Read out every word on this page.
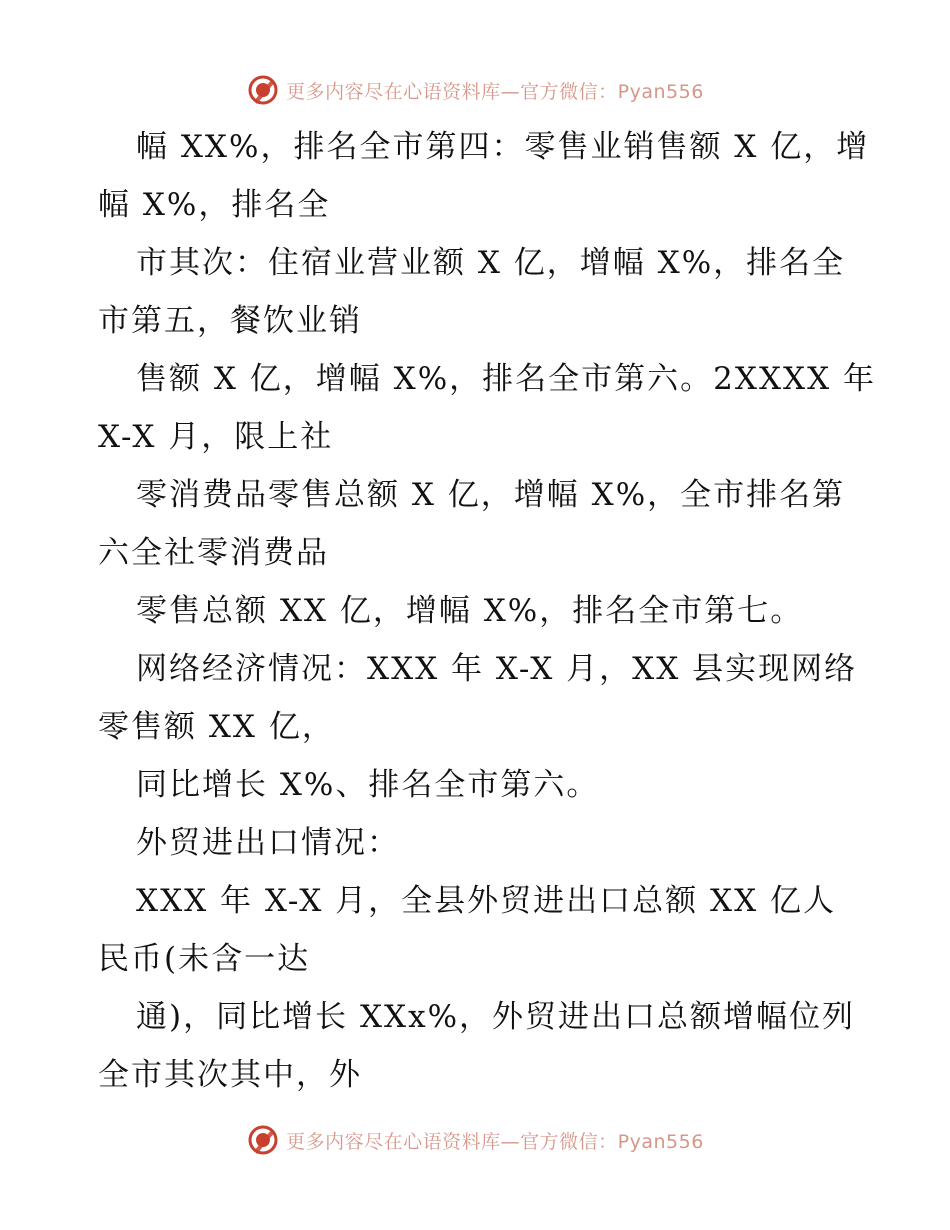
更多内容尽在心语资料库—官方微信：Pyan556
幅 XX%，排名全市第四：零售业销售额 X 亿，增
幅 X%，排名全
市其次：住宿业营业额 X 亿，增幅 X%，排名全
市第五，餐饮业销
售额 X 亿，增幅 X%，排名全市第六。2XXXX 年
X-X 月，限上社
零消费品零售总额 X 亿，增幅 X%，全市排名第
六全社零消费品
零售总额 XX 亿，增幅 X%，排名全市第七。
网络经济情况：XXX 年 X-X 月，XX 县实现网络
零售额 XX 亿，
同比增长 X%、排名全市第六。
外贸进出口情况：
XXX 年 X-X 月，全县外贸进出口总额 XX 亿人
民币(未含一达
通)，同比增长 XXx%，外贸进出口总额增幅位列
全市其次其中，外
更多内容尽在心语资料库—官方微信：Pyan556
